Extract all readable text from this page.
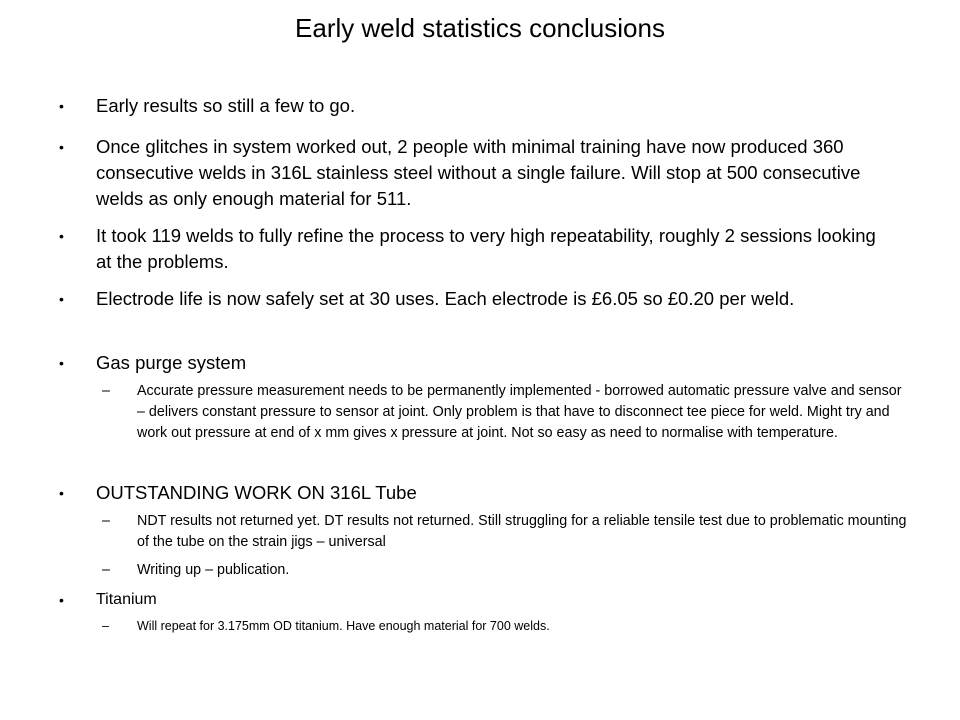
Early weld statistics conclusions
• Early results so still a few to go.
• Once glitches in system worked out, 2 people with minimal training have now produced 360 consecutive welds in 316L stainless steel without a single failure. Will stop at 500 consecutive welds as only enough material for 511.
• It took 119 welds to fully refine the process to very high repeatability, roughly 2 sessions looking at the problems.
• Electrode life is now safely set at 30 uses. Each electrode is £6.05 so £0.20 per weld.
• Gas purge system
– Accurate pressure measurement needs to be permanently implemented - borrowed automatic pressure valve and sensor – delivers constant pressure to sensor at joint. Only problem is that have to disconnect tee piece for weld. Might try and work out pressure at end of x mm gives x pressure at joint. Not so easy as need to normalise with temperature.
• OUTSTANDING WORK ON 316L Tube
– NDT results not returned yet. DT results not returned. Still struggling for a reliable tensile test due to problematic mounting of the tube on the strain jigs – universal
– Writing up – publication.
• Titanium
– Will repeat for 3.175mm OD titanium. Have enough material for 700 welds.
